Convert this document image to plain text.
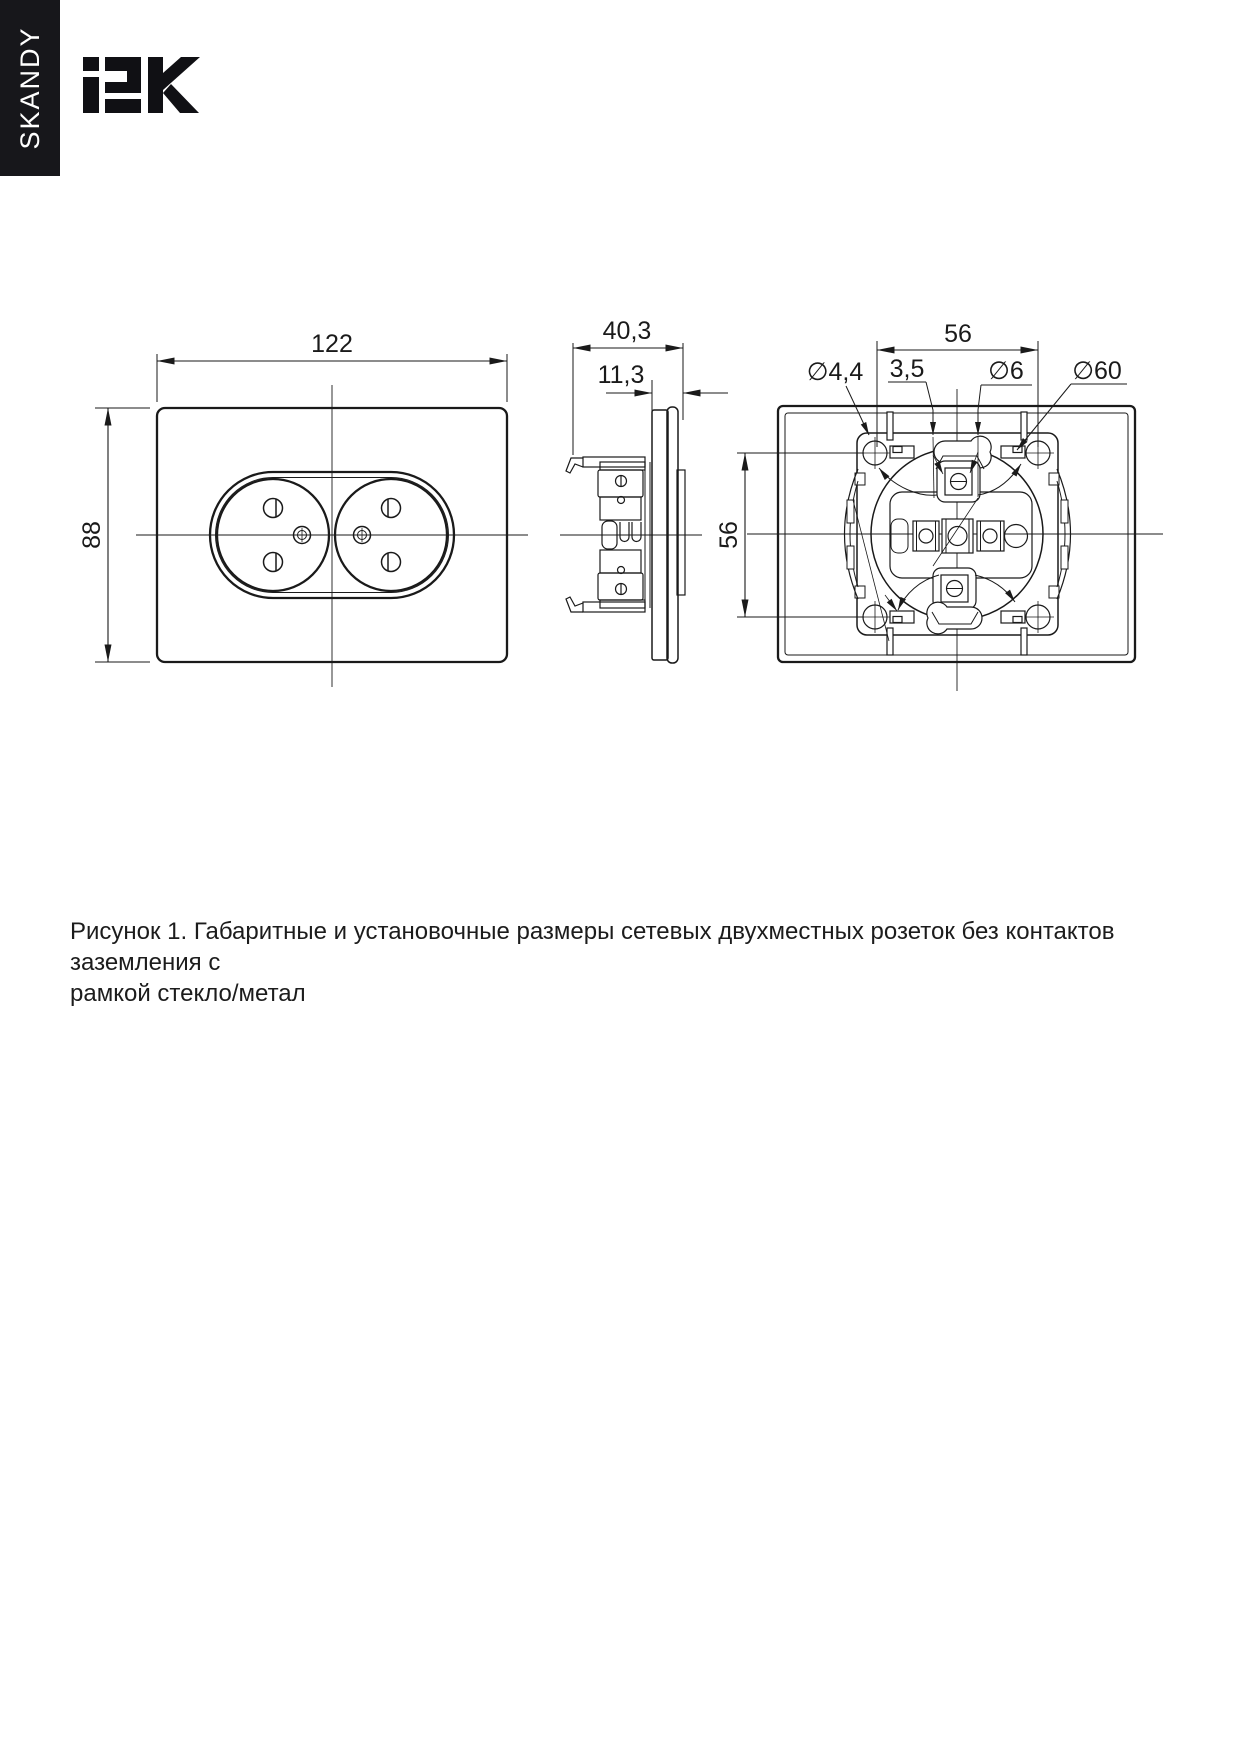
SKANDY
122
88
40,3
11,3
56
56
∅4,4 3,5	∅6 ∅60

Рисунок 1. Габаритные и установочные размеры сетевых двухместных розеток без контактов заземления с
рамкой стекло/метал
